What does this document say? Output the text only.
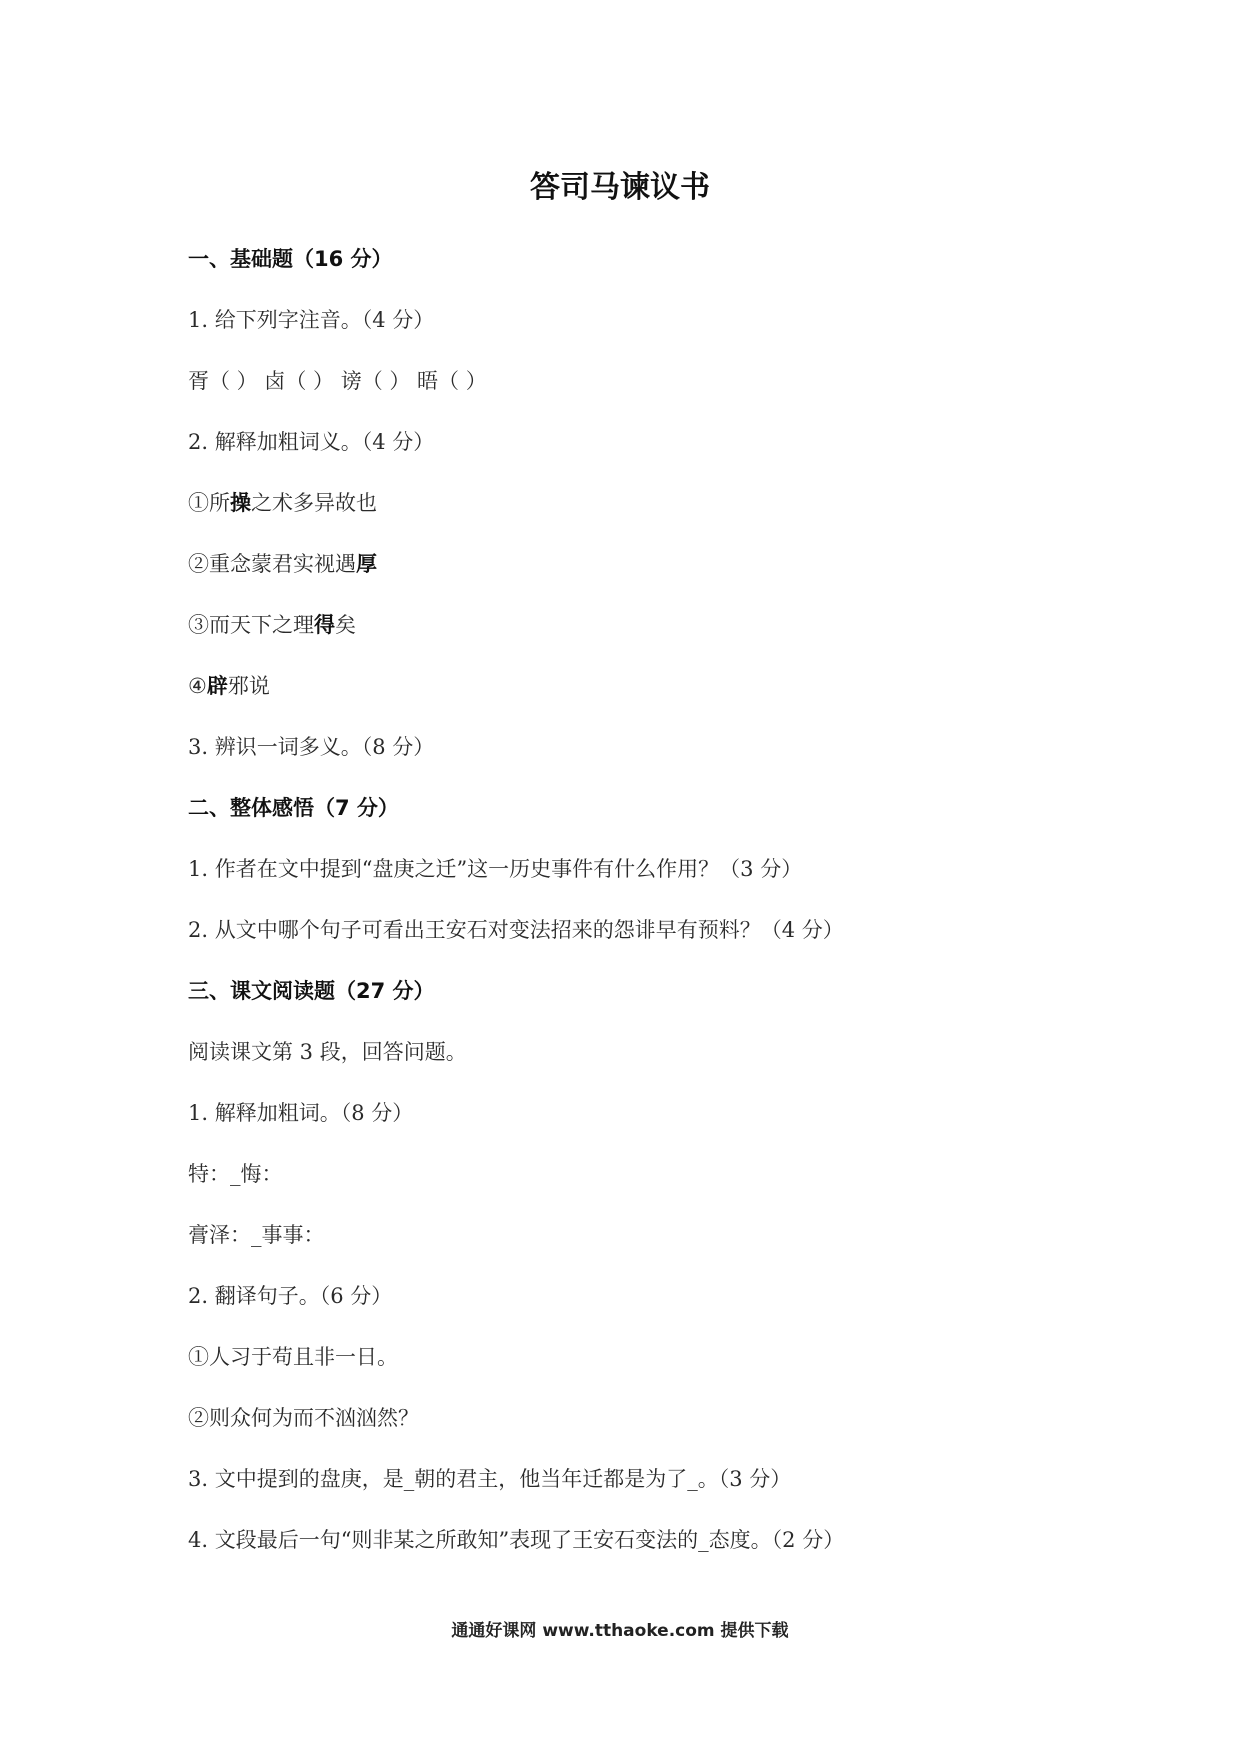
答司马谏议书
一、基础题（16 分）
1. 给下列字注音。（4 分）
胥（ ） 卤（ ） 谤（ ） 晤（ ）
2. 解释加粗词义。（4 分）
①所操之术多异故也
②重念蒙君实视遇厚
③而天下之理得矣
④辟邪说
3. 辨识一词多义。（8 分）
二、整体感悟（7 分）
1. 作者在文中提到“盘庚之迁”这一历史事件有什么作用？（3 分）
2. 从文中哪个句子可看出王安石对变法招来的怨诽早有预料？（4 分）
三、课文阅读题（27 分）
阅读课文第 3 段，回答问题。
1. 解释加粗词。（8 分）
特：_悔：
膏泽：_事事：
2. 翻译句子。（6 分）
①人习于苟且非一日。
②则众何为而不汹汹然？
3. 文中提到的盘庚，是_朝的君主，他当年迁都是为了_。（3 分）
4. 文段最后一句“则非某之所敢知”表现了王安石变法的_态度。（2 分）
通通好课网 www.tthaoke.com 提供下载
